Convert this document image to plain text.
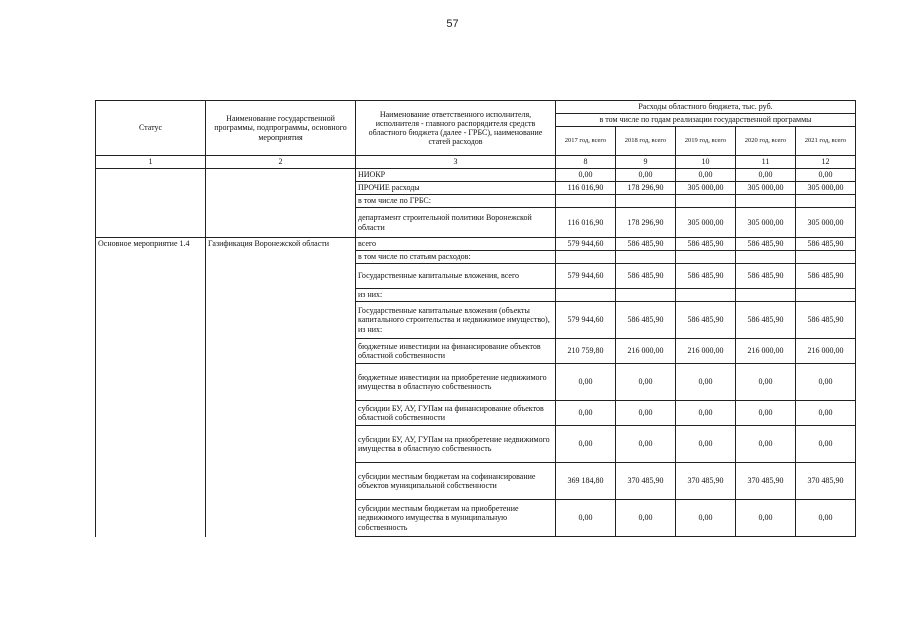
57
Статус	Наименование государственной программы, подпрограммы, основного мероприятия	Наименование ответственного исполнителя, исполнителя - главного распорядителя средств областного бюджета (далее - ГРБС), наименование статей расходов	Расходы областного бюджета, тыс. руб.				
			в том числе по годам реализации государственной программы				
			2017 год, всего	2018 год, всего	2019 год, всего	2020 год, всего	2021 год, всего
1	2	3	8	9	10	11	12
		НИОКР	0,00	0,00	0,00	0,00	0,00
		ПРОЧИЕ расходы	116 016,90	178 296,90	305 000,00	305 000,00	305 000,00
		в том числе по ГРБС:					
		департамент строительной политики Воронежской области	116 016,90	178 296,90	305 000,00	305 000,00	305 000,00
Основное мероприятие 1.4	Газификация Воронежской области	всего	579 944,60	586 485,90	586 485,90	586 485,90	586 485,90
		в том числе по статьям расходов:					
		Государственные капитальные вложения, всего	579 944,60	586 485,90	586 485,90	586 485,90	586 485,90
		из них:					
		Государственные капитальные вложения (объекты капитального строительства и недвижимое имущество), из них:	579 944,60	586 485,90	586 485,90	586 485,90	586 485,90
		бюджетные инвестиции на финансирование объектов областной собственности	210 759,80	216 000,00	216 000,00	216 000,00	216 000,00
		бюджетные инвестиции на приобретение недвижимого имущества в областную собственность	0,00	0,00	0,00	0,00	0,00
		субсидии БУ, АУ, ГУПам на финансирование объектов областной собственности	0,00	0,00	0,00	0,00	0,00
		субсидии БУ, АУ, ГУПам на приобретение недвижимого имущества в областную собственность	0,00	0,00	0,00	0,00	0,00
		субсидии местным бюджетам на софинансирование объектов муниципальной собственности	369 184,80	370 485,90	370 485,90	370 485,90	370 485,90
		субсидии местным бюджетам на приобретение недвижимого имущества в муниципальную собственность	0,00	0,00	0,00	0,00	0,00
